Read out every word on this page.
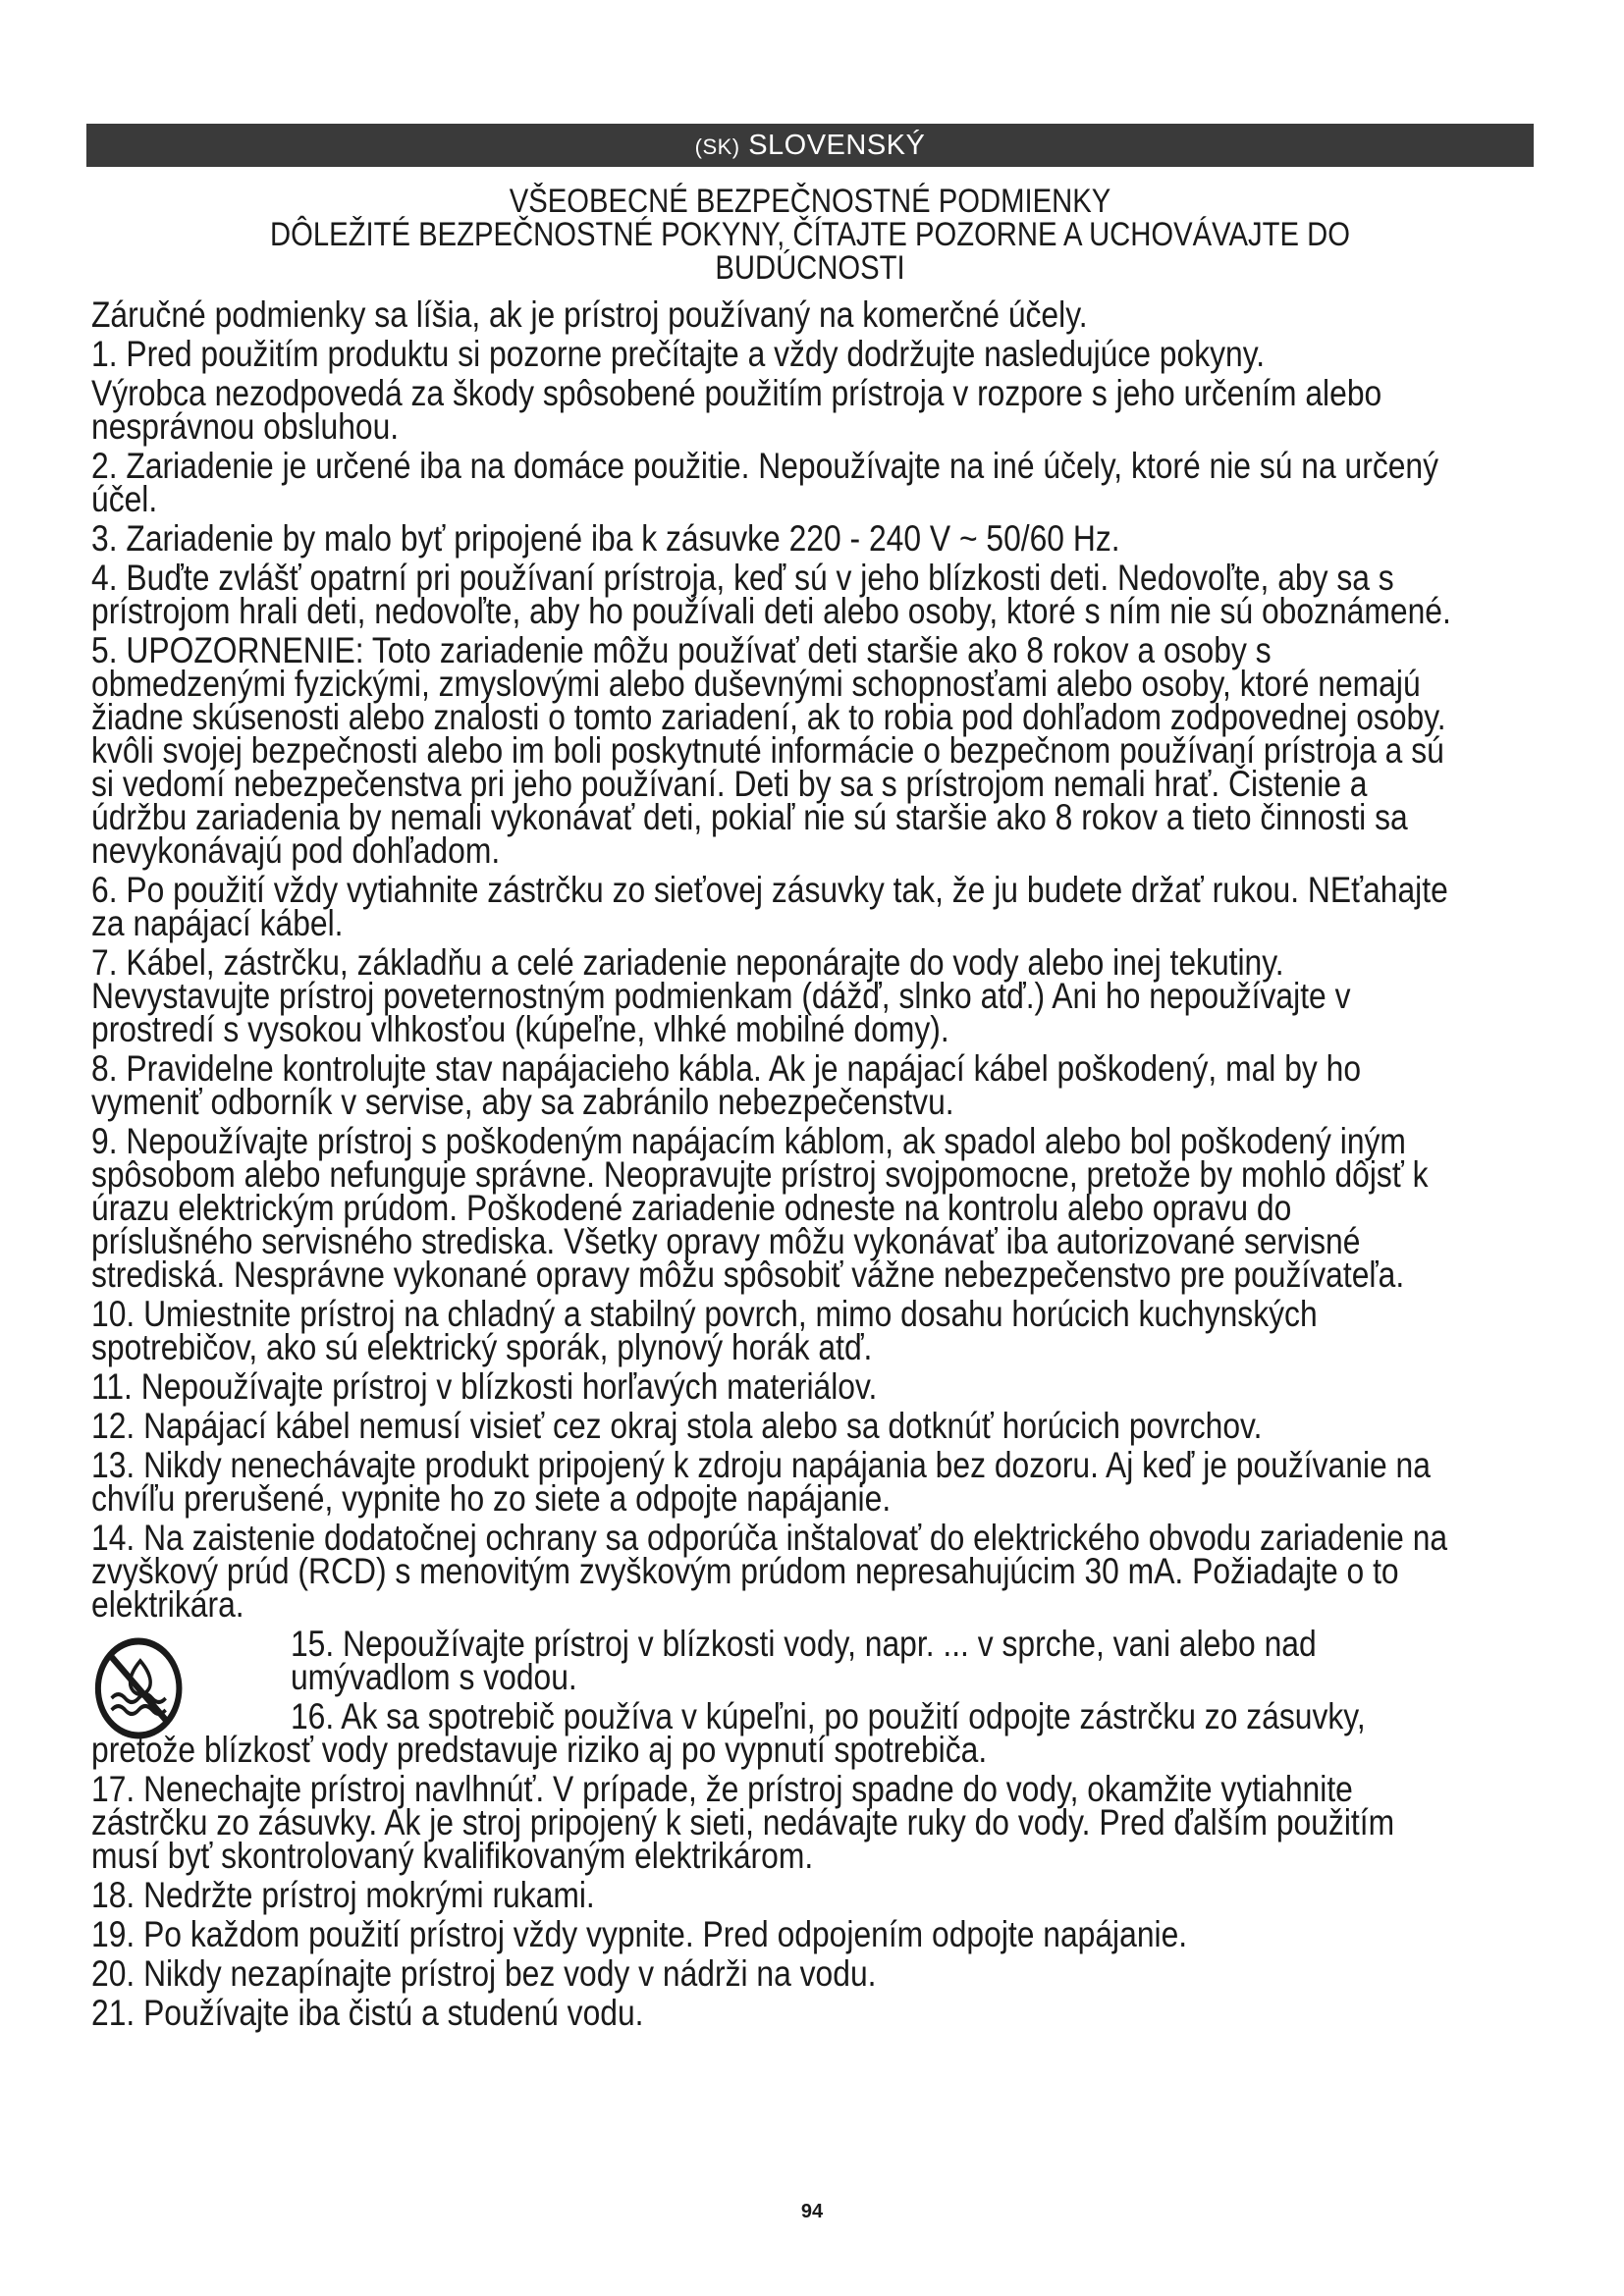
(SK) SLOVENSKÝ
VŠEOBECNÉ BEZPEČNOSTNÉ PODMIENKY
DÔLEŽITÉ BEZPEČNOSTNÉ POKYNY, ČÍTAJTE POZORNE A UCHOVÁVAJTE DO
BUDÚCNOSTI

Záručné podmienky sa líšia, ak je prístroj používaný na komerčné účely.

1. Pred použitím produktu si pozorne prečítajte a vždy dodržujte nasledujúce pokyny.

Výrobca nezodpovedá za škody spôsobené použitím prístroja v rozpore s jeho určením alebo nesprávnou obsluhou.

2. Zariadenie je určené iba na domáce použitie. Nepoužívajte na iné účely, ktoré nie sú na určený účel.

3. Zariadenie by malo byť pripojené iba k zásuvke 220 - 240 V ~ 50/60 Hz.

4. Buďte zvlášť opatrní pri používaní prístroja, keď sú v jeho blízkosti deti. Nedovoľte, aby sa s prístrojom hrali deti, nedovoľte, aby ho používali deti alebo osoby, ktoré s ním nie sú oboznámené.

5. UPOZORNENIE: Toto zariadenie môžu používať deti staršie ako 8 rokov a osoby s obmedzenými fyzickými, zmyslovými alebo duševnými schopnosťami alebo osoby, ktoré nemajú žiadne skúsenosti alebo znalosti o tomto zariadení, ak to robia pod dohľadom zodpovednej osoby. kvôli svojej bezpečnosti alebo im boli poskytnuté informácie o bezpečnom používaní prístroja a sú si vedomí nebezpečenstva pri jeho používaní. Deti by sa s prístrojom nemali hrať. Čistenie a údržbu zariadenia by nemali vykonávať deti, pokiaľ nie sú staršie ako 8 rokov a tieto činnosti sa nevykonávajú pod dohľadom.

6. Po použití vždy vytiahnite zástrčku zo sieťovej zásuvky tak, že ju budete držať rukou. NEťahajte za napájací kábel.

7. Kábel, zástrčku, základňu a celé zariadenie neponárajte do vody alebo inej tekutiny. Nevystavujte prístroj poveternostným podmienkam (dážď, slnko atď.) Ani ho nepoužívajte v prostredí s vysokou vlhkosťou (kúpeľne, vlhké mobilné domy).

8. Pravidelne kontrolujte stav napájacieho kábla. Ak je napájací kábel poškodený, mal by ho vymeniť odborník v servise, aby sa zabránilo nebezpečenstvu.

9. Nepoužívajte prístroj s poškodeným napájacím káblom, ak spadol alebo bol poškodený iným spôsobom alebo nefunguje správne. Neopravujte prístroj svojpomocne, pretože by mohlo dôjsť k úrazu elektrickým prúdom. Poškodené zariadenie odneste na kontrolu alebo opravu do príslušného servisného strediska. Všetky opravy môžu vykonávať iba autorizované servisné strediská. Nesprávne vykonané opravy môžu spôsobiť vážne nebezpečenstvo pre používateľa.

10. Umiestnite prístroj na chladný a stabilný povrch, mimo dosahu horúcich kuchynských spotrebičov, ako sú elektrický sporák, plynový horák atď.

11. Nepoužívajte prístroj v blízkosti horľavých materiálov.

12. Napájací kábel nemusí visieť cez okraj stola alebo sa dotknúť horúcich povrchov.

13. Nikdy nenechávajte produkt pripojený k zdroju napájania bez dozoru. Aj keď je používanie na chvíľu prerušené, vypnite ho zo siete a odpojte napájanie.

14. Na zaistenie dodatočnej ochrany sa odporúča inštalovať do elektrického obvodu zariadenie na zvyškový prúd (RCD) s menovitým zvyškovým prúdom nepresahujúcim 30 mA. Požiadajte o to elektrikára.

15. Nepoužívajte prístroj v blízkosti vody, napr. ... v sprche, vani alebo nad umývadlom s vodou.

16. Ak sa spotrebič používa v kúpeľni, po použití odpojte zástrčku zo zásuvky,

pretože blízkosť vody predstavuje riziko aj po vypnutí spotrebiča.

17. Nenechajte prístroj navlhnúť. V prípade, že prístroj spadne do vody, okamžite vytiahnite zástrčku zo zásuvky. Ak je stroj pripojený k sieti, nedávajte ruky do vody. Pred ďalším použitím musí byť skontrolovaný kvalifikovaným elektrikárom.

18. Nedržte prístroj mokrými rukami.

19. Po každom použití prístroj vždy vypnite. Pred odpojením odpojte napájanie.

20. Nikdy nezapínajte prístroj bez vody v nádrži na vodu.

21. Používajte iba čistú a studenú vodu.

94
